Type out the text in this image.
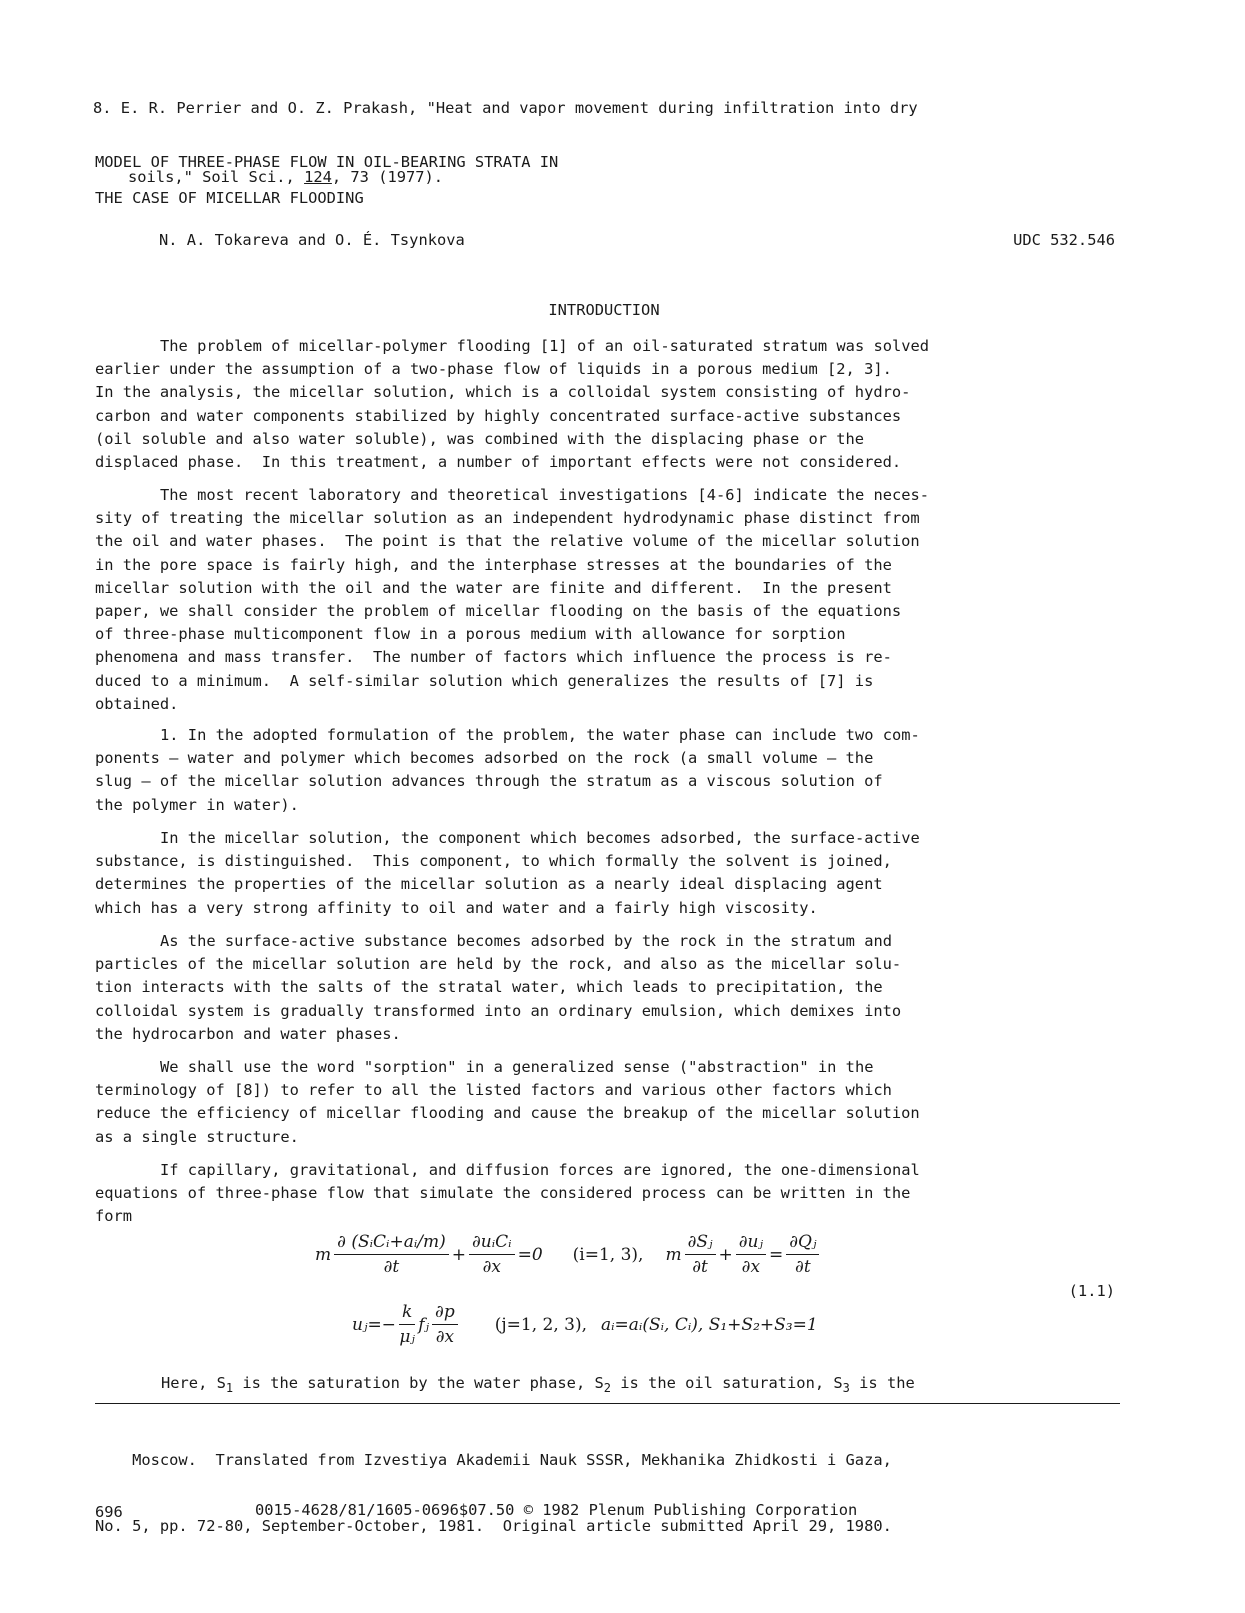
8. E. R. Perrier and O. Z. Prakash, "Heat and vapor movement during infiltration into dry

soils," Soil Sci., 124, 73 (1977).

MODEL OF THREE-PHASE FLOW IN OIL-BEARING STRATA IN
THE CASE OF MICELLAR FLOODING
N. A. Tokareva and O. É. Tsynkova	UDC 532.546
INTRODUCTION

The problem of micellar-polymer flooding [1] of an oil-saturated stratum was solved

earlier under the assumption of a two-phase flow of liquids in a porous medium [2, 3].

In the analysis, the micellar solution, which is a colloidal system consisting of hydro-

carbon and water components stabilized by highly concentrated surface-active substances

(oil soluble and also water soluble), was combined with the displacing phase or the

displaced phase.  In this treatment, a number of important effects were not considered.

The most recent laboratory and theoretical investigations [4-6] indicate the neces-

sity of treating the micellar solution as an independent hydrodynamic phase distinct from

the oil and water phases.  The point is that the relative volume of the micellar solution

in the pore space is fairly high, and the interphase stresses at the boundaries of the

micellar solution with the oil and the water are finite and different.  In the present

paper, we shall consider the problem of micellar flooding on the basis of the equations

of three-phase multicomponent flow in a porous medium with allowance for sorption

phenomena and mass transfer.  The number of factors which influence the process is re-

duced to a minimum.  A self-similar solution which generalizes the results of [7] is

obtained.

1. In the adopted formulation of the problem, the water phase can include two com-

ponents — water and polymer which becomes adsorbed on the rock (a small volume — the

slug — of the micellar solution advances through the stratum as a viscous solution of

the polymer in water).

In the micellar solution, the component which becomes adsorbed, the surface-active

substance, is distinguished.  This component, to which formally the solvent is joined,

determines the properties of the micellar solution as a nearly ideal displacing agent

which has a very strong affinity to oil and water and a fairly high viscosity.

As the surface-active substance becomes adsorbed by the rock in the stratum and

particles of the micellar solution are held by the rock, and also as the micellar solu-

tion interacts with the salts of the stratal water, which leads to precipitation, the

colloidal system is gradually transformed into an ordinary emulsion, which demixes into

the hydrocarbon and water phases.

We shall use the word "sorption" in a generalized sense ("abstraction" in the

terminology of [8]) to refer to all the listed factors and various other factors which

reduce the efficiency of micellar flooding and cause the breakup of the micellar solution

as a single structure.

If capillary, gravitational, and diffusion forces are ignored, the one-dimensional

equations of three-phase flow that simulate the considered process can be written in the

form

m $\frac{\text{∂ (SᵢCᵢ+aᵢ/m)}}{\partial t} + \frac{\text{∂uᵢCᵢ}}{\partial x} =0$ (i=1, 3), m $\frac{\text{∂Sⱼ}}{\partial t} + \frac{\text{∂uⱼ}}{\partial x} = \frac{\text{∂Qⱼ}}{\partial t}$
(1.1)
uⱼ=− $\frac{k}{\text{μⱼ}}$ fⱼ $\frac{\partial p}{\partial x} (j=1$, 2, 3), aᵢ=aᵢ(Sᵢ, Cᵢ), S₁+S₂+S₃=1
Here, $S_1$ is the saturation by the water phase, $S_2$ is the oil saturation, $S_3$ is the

Moscow.  Translated from Izvestiya Akademii Nauk SSSR, Mekhanika Zhidkosti i Gaza,

No. 5, pp. 72-80, September-October, 1981.  Original article submitted April 29, 1980.

696	0015-4628/81/1605-0696$07.50 © 1982 Plenum Publishing Corporation
